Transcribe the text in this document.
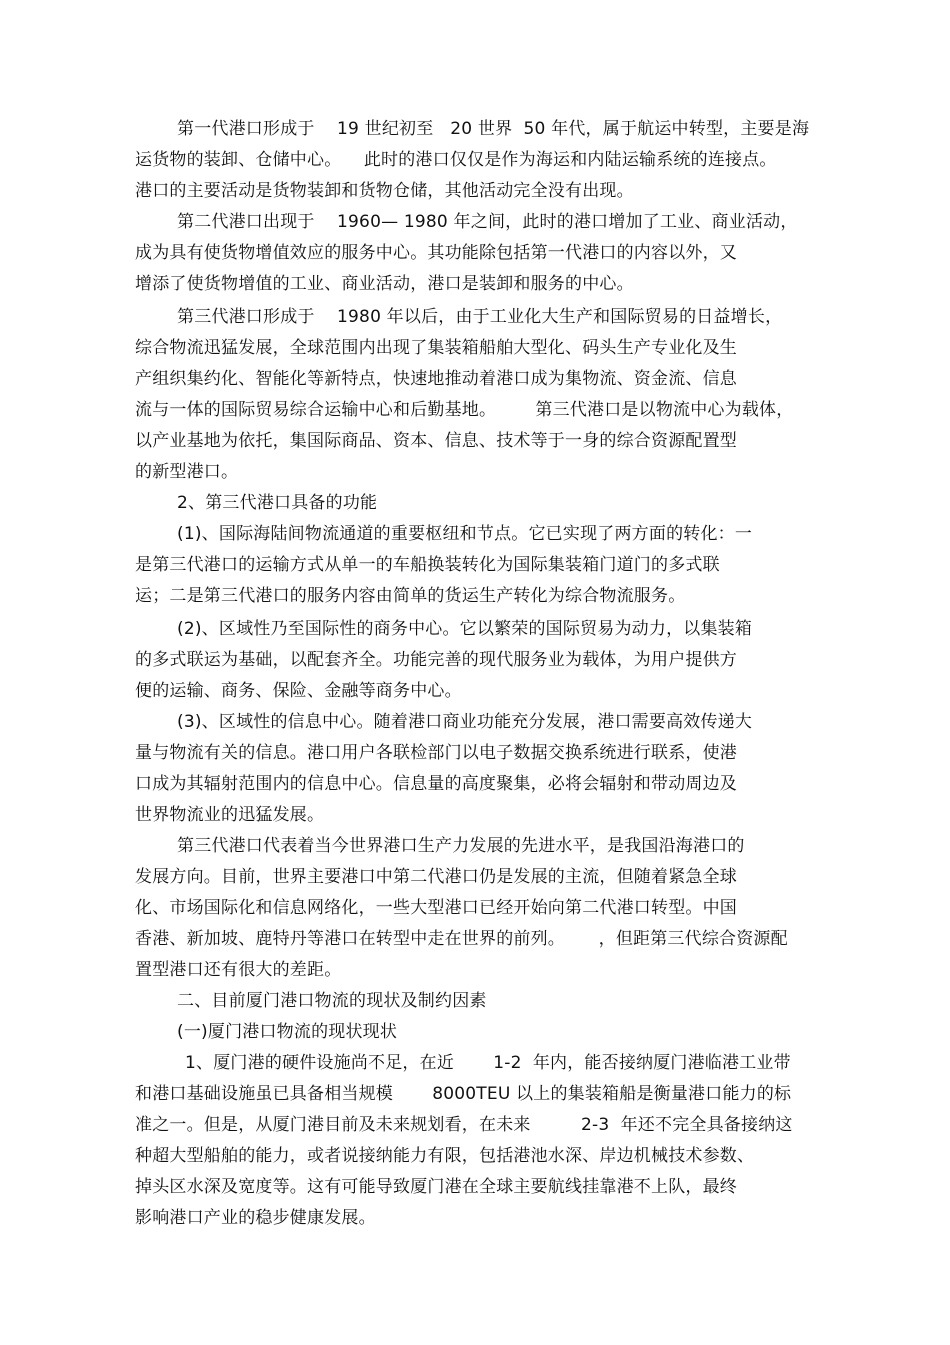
第一代港口形成于    19 世纪初至   20 世界  50 年代，属于航运中转型，主要是海
运货物的装卸、仓储中心。    此时的港口仅仅是作为海运和内陆运输系统的连接点。
港口的主要活动是货物装卸和货物仓储，其他活动完全没有出现。
第二代港口出现于    1960— 1980 年之间，此时的港口增加了工业、商业活动，
成为具有使货物增值效应的服务中心。其功能除包括第一代港口的内容以外，又
增添了使货物增值的工业、商业活动，港口是装卸和服务的中心。
第三代港口形成于    1980 年以后，由于工业化大生产和国际贸易的日益增长，
综合物流迅猛发展，全球范围内出现了集装箱船舶大型化、码头生产专业化及生
产组织集约化、智能化等新特点，快速地推动着港口成为集物流、资金流、信息
流与一体的国际贸易综合运输中心和后勤基地。       第三代港口是以物流中心为载体，
以产业基地为依托，集国际商品、资本、信息、技术等于一身的综合资源配置型
的新型港口。
2、第三代港口具备的功能
(1)、国际海陆间物流通道的重要枢纽和节点。它已实现了两方面的转化：一
是第三代港口的运输方式从单一的车船换装转化为国际集装箱门道门的多式联
运；二是第三代港口的服务内容由简单的货运生产转化为综合物流服务。
(2)、区域性乃至国际性的商务中心。它以繁荣的国际贸易为动力，以集装箱
的多式联运为基础，以配套齐全。功能完善的现代服务业为载体，为用户提供方
便的运输、商务、保险、金融等商务中心。
(3)、区域性的信息中心。随着港口商业功能充分发展，港口需要高效传递大
量与物流有关的信息。港口用户各联检部门以电子数据交换系统进行联系，使港
口成为其辐射范围内的信息中心。信息量的高度聚集，必将会辐射和带动周边及
世界物流业的迅猛发展。
第三代港口代表着当今世界港口生产力发展的先进水平，是我国沿海港口的
发展方向。目前，世界主要港口中第二代港口仍是发展的主流，但随着紧急全球
化、市场国际化和信息网络化，一些大型港口已经开始向第二代港口转型。中国
香港、新加坡、鹿特丹等港口在转型中走在世界的前列。      ，但距第三代综合资源配
置型港口还有很大的差距。
二、目前厦门港口物流的现状及制约因素
(一)厦门港口物流的现状现状
1、厦门港的硬件设施尚不足，在近       1-2  年内，能否接纳厦门港临港工业带
和港口基础设施虽已具备相当规模       8000TEU 以上的集装箱船是衡量港口能力的标
准之一。但是，从厦门港目前及未来规划看，在未来         2-3  年还不完全具备接纳这
种超大型船舶的能力，或者说接纳能力有限，包括港池水深、岸边机械技术参数、
掉头区水深及宽度等。这有可能导致厦门港在全球主要航线挂靠港不上队，最终
影响港口产业的稳步健康发展。
